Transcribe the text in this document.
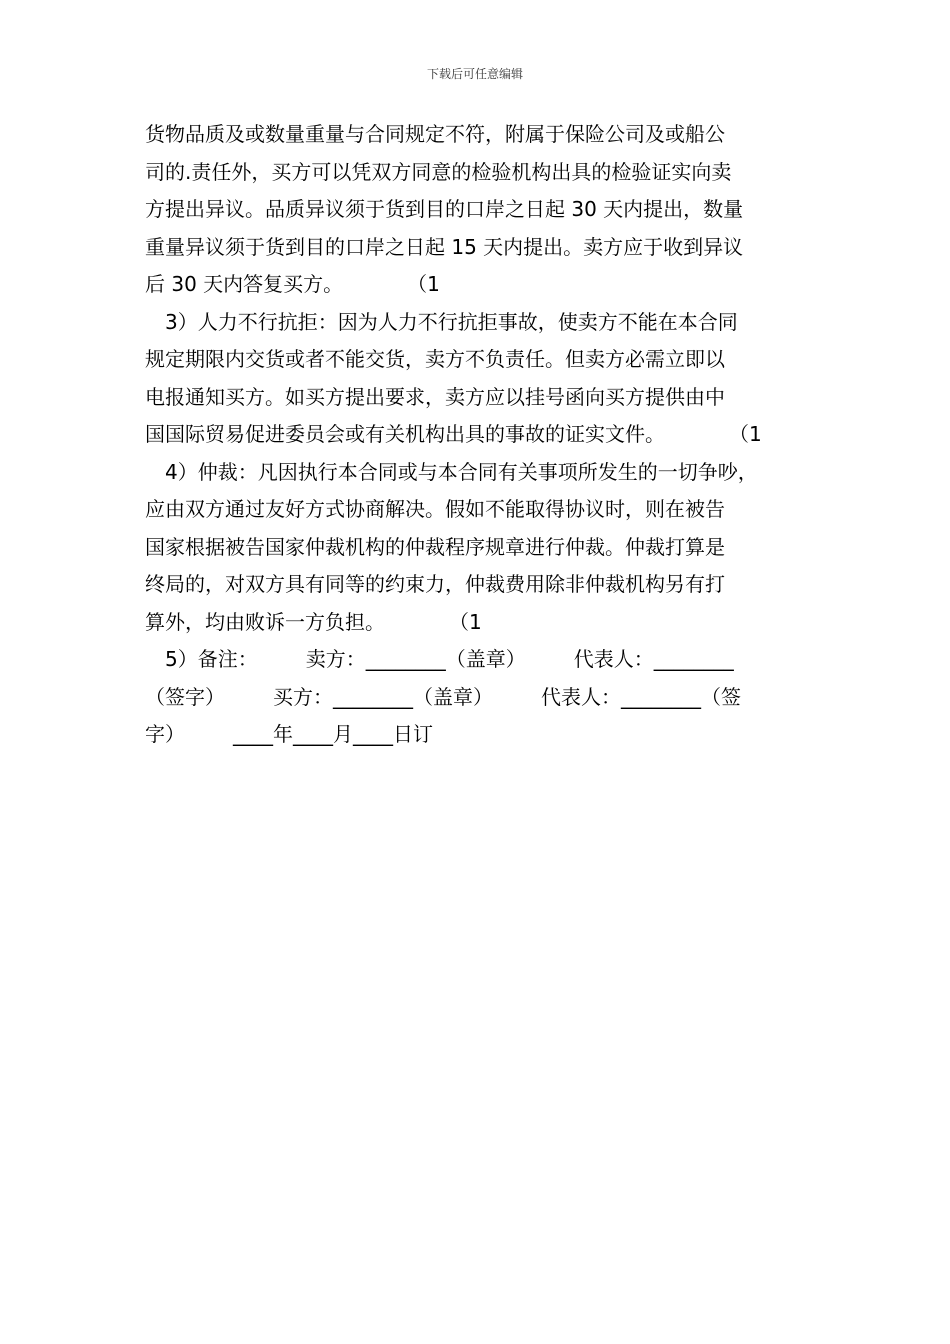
下载后可任意编辑
货物品质及或数量重量与合同规定不符，附属于保险公司及或船公
司的.责任外，买方可以凭双方同意的检验机构出具的检验证实向卖
方提出异议。品质异议须于货到目的口岸之日起 30 天内提出，数量
重量异议须于货到目的口岸之日起 15 天内提出。卖方应于收到异议
后 30 天内答复买方。	（1
3）人力不行抗拒：因为人力不行抗拒事故，使卖方不能在本合同
规定期限内交货或者不能交货，卖方不负责任。但卖方必需立即以
电报通知买方。如买方提出要求，卖方应以挂号函向买方提供由中
国国际贸易促进委员会或有关机构出具的事故的证实文件。	（1
4）仲裁：凡因执行本合同或与本合同有关事项所发生的一切争吵，
应由双方通过友好方式协商解决。假如不能取得协议时，则在被告
国家根据被告国家仲裁机构的仲裁程序规章进行仲裁。仲裁打算是
终局的，对双方具有同等的约束力，仲裁费用除非仲裁机构另有打
算外，均由败诉一方负担。	（1
5）备注： 卖方：________（盖章） 代表人：________
（签字） 买方：________（盖章） 代表人：________（签
字） ____年____月____日订
